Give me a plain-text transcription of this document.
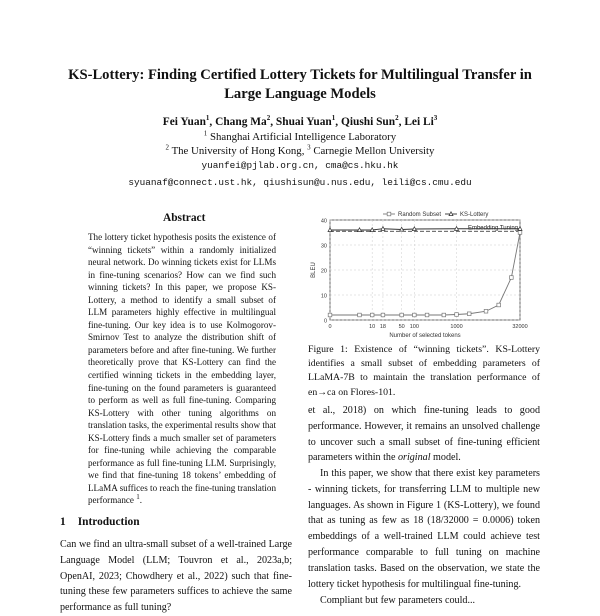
KS-Lottery: Finding Certified Lottery Tickets for Multilingual Transfer in
Large Language Models
Fei Yuan$^1$, Chang Ma$^2$, Shuai Yuan$^1$, Qiushi Sun$^2$, Lei Li$^3$
$^1$ Shanghai Artificial Intelligence Laboratory
$^2$ The University of Hong Kong, $^3$ Carnegie Mellon University
yuanfei@pjlab.org.cn, cma@cs.hku.hk
syuanaf@connect.ust.hk, qiushisun@u.nus.edu, leili@cs.cmu.edu
Abstract
The lottery ticket hypothesis posits the existence of “winning tickets” within a randomly initialized neural network. Do winning tickets exist for LLMs in fine-tuning scenarios? How can we find such winning tickets? In this paper, we propose KS-Lottery, a method to identify a small subset of LLM parameters highly effective in multilingual fine-tuning. Our key idea is to use Kolmogorov-Smirnov Test to analyze the distribution shift of parameters before and after fine-tuning. We further theoretically prove that KS-Lottery can find the certified winning tickets in the embedding layer, fine-tuning on the found parameters is guaranteed to perform as well as full fine-tuning. Comparing KS-Lottery with other tuning algorithms on translation tasks, the experimental results show that KS-Lottery finds a much smaller set of parameters for fine-tuning while achieving the comparable performance as full fine-tuning LLM. Surprisingly, we find that fine-tuning 18 tokens’ embedding of LLaMA suffices to reach the fine-tuning translation performance $^1$.
1 Introduction
Can we find an ultra-small subset of a well-trained Large Language Model (LLM; Touvron et al., 2023a,b; OpenAI, 2023; Chowdhery et al., 2022) such that fine-tuning these few parameters suffices to achieve the same performance as full tuning?
0
10
20
30
40
0	10 18 50 100	1000	32000
Number of selected tokens
BLEU
Embedding Tuning
Random Subset	KS-Lottery
Figure 1: Existence of “winning tickets”. KS-Lottery identifies a small subset of embedding parameters of LLaMA-7B to maintain the translation performance of en→ca on Flores-101.
et al., 2018) on which fine-tuning leads to good performance. However, it remains an unsolved challenge to uncover such a small subset of fine-tuning efficient parameters within the original model.
In this paper, we show that there exist key parameters - winning tickets, for transferring LLM to multiple new languages. As shown in Figure 1 (KS-Lottery), we found that as tuning as few as 18 (18/32000 = 0.0006) token embeddings of a well-trained LLM could achieve test performance comparable to full tuning on machine translation tasks. Based on the observation, we state the lottery ticket hypothesis for multilingual fine-tuning.
Compliant but few parameters could...
